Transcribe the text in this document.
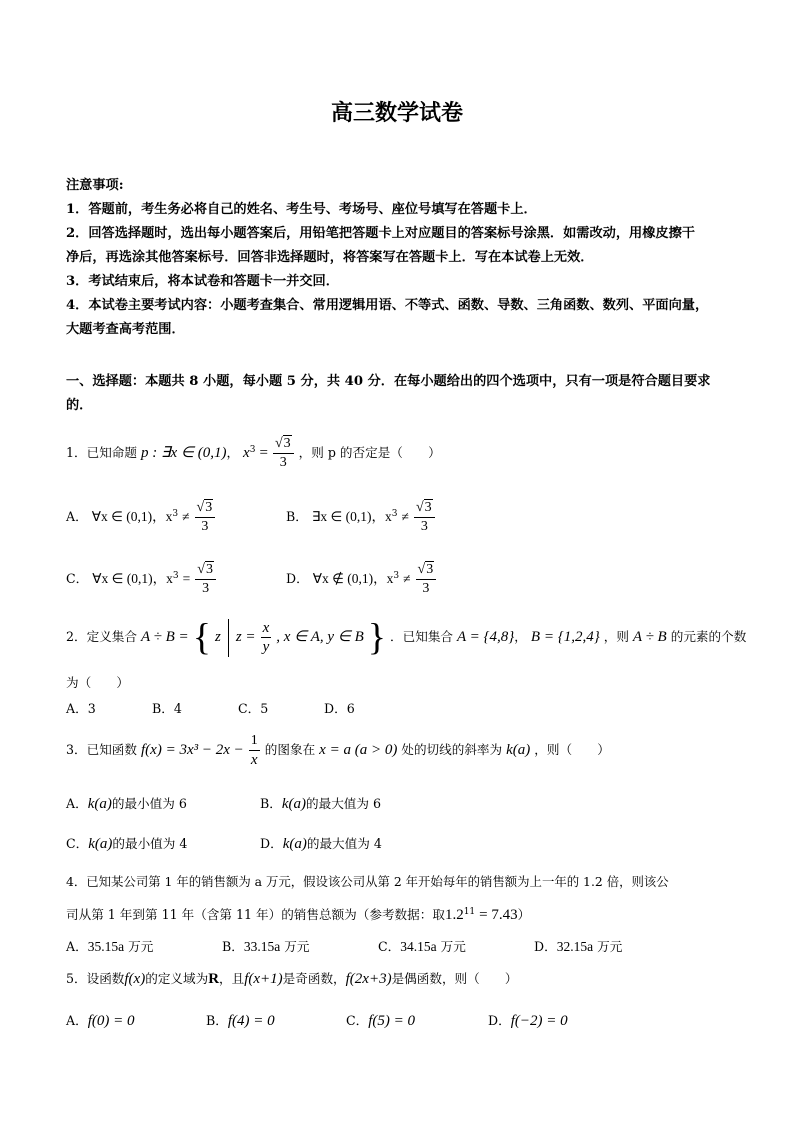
高三数学试卷
注意事项:
1．答题前，考生务必将自己的姓名、考生号、考场号、座位号填写在答题卡上．
2．回答选择题时，选出每小题答案后，用铅笔把答题卡上对应题目的答案标号涂黑．如需改动，用橡皮擦干
净后，再选涂其他答案标号．回答非选择题时，将答案写在答题卡上．写在本试卷上无效．
3．考试结束后，将本试卷和答题卡一并交回．
4．本试卷主要考试内容：小题考查集合、常用逻辑用语、不等式、函数、导数、三角函数、数列、平面向量，
大题考查高考范围．
一、选择题：本题共 8 小题，每小题 5 分，共 40 分．在每小题给出的四个选项中，只有一项是符合题目要求
的．
1．已知命题 p : ∃x ∈ (0,1)， $x^3 = \frac{√3}{3}$ ，则 p 的否定是（　　）
A． ∀x ∈ (0,1)，$x^3 \ne \frac{√3}{3}$	B． ∃x ∈ (0,1)，$x^3 \ne \frac{√3}{3}$
C． ∀x ∈ (0,1)，$x^3 = \frac{√3}{3}$	D． ∀x ∉ (0,1)，$x^3 \ne \frac{√3}{3}$
2．定义集合 A ÷ B = { z $z = \frac{x}{y}$ , x ∈ A, y ∈ B } ．已知集合 A = {4,8}， B = {1,2,4} ，则 A ÷ B 的元素的个数
为（　　）
A．3	B．4	C．5	D．6
3．已知函数 $f(x) = 3x^3 - 2x - \frac{1}{x}$ 的图象在 x = a (a > 0) 处的切线的斜率为 k(a) ，则（　　）
A．k(a)的最小值为 6	B．k(a)的最大值为 6
C．k(a)的最小值为 4	D．k(a)的最大值为 4
4．已知某公司第 1 年的销售额为 a 万元，假设该公司从第 2 年开始每年的销售额为上一年的 1.2 倍，则该公
司从第 1 年到第 11 年（含第 11 年）的销售总额为（参考数据：取$1.2^{11} = 7.43$）
A．35.15a 万元	B．33.15a 万元	C．34.15a 万元	D．32.15a 万元
5．设函数f(x)的定义域为R，且f(x+1)是奇函数，f(2x+3)是偶函数，则（　　）
A．f(0) = 0	B．f(4) = 0	C．f(5) = 0	D．f(−2) = 0
